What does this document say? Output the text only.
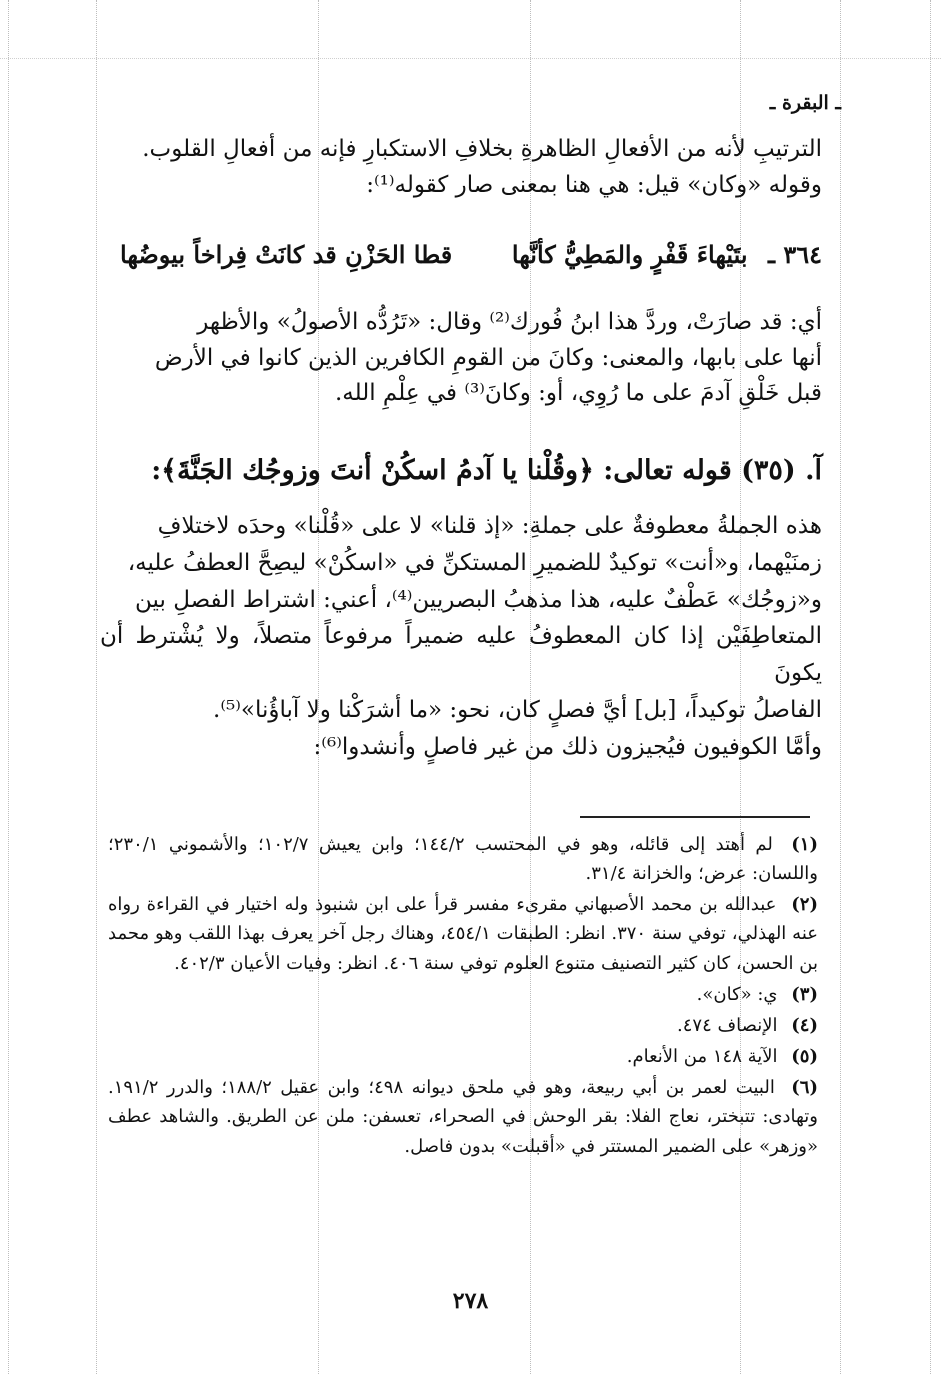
ـ البقرة ـ

الترتيبِ لأنه من الأفعالِ الظاهرةِ بخلافِ الاستكبارِ فإنه من أفعالِ القلوب.

وقوله «وكان» قيل: هي هنا بمعنى صار كقوله⁽¹⁾:

٣٦٤ ـ بتَيْهاءَ قَفْرٍ والمَطِيُّ كأنَّها
قطا الحَزْنِ قد كانَتْ فِراخاً بيوضُها

أي: قد صارَتْ، وردَّ هذا ابنُ فُورك⁽²⁾ وقال: «تَرُدُّه الأصولُ» والأظهر

أنها على بابها، والمعنى: وكانَ من القومِ الكافرين الذين كانوا في الأرض

قبل خَلْقِ آدمَ على ما رُوِي، أو: وكانَ⁽³⁾ في عِلْمِ الله.

آ. (٣٥) قوله تعالى: ﴿وقُلْنا يا آدمُ اسكُنْ أنتَ وزوجُك الجَنَّةَ﴾:

هذه الجملةُ معطوفةٌ على جملةِ: «إذ قلنا» لا على «قُلْنا» وحدَه لاختلافِ

زمنَيْهما، و«أنت» توكيدٌ للضميرِ المستكنِّ في «اسكُنْ» ليصِحَّ العطفُ عليه،

و«زوجُك» عَطْفٌ عليه، هذا مذهبُ البصريين⁽⁴⁾، أعني: اشتراط الفصلِ بين

المتعاطِفَيْن إذا كان المعطوفُ عليه ضميراً مرفوعاً متصلاً، ولا يُشْترط أن يكونَ

الفاصلُ توكيداً، [بل] أيَّ فصلٍ كان، نحو: «ما أشرَكْنا ولا آباؤُنا»⁽⁵⁾.

وأمَّا الكوفيون فيُجيزون ذلك من غير فاصلٍ وأنشدوا⁽⁶⁾:

(١) لم أهتد إلى قائله، وهو في المحتسب ١٤٤/٢؛ وابن يعيش ١٠٢/٧؛ والأشموني ٢٣٠/١؛ واللسان: عرض؛ والخزانة ٣١/٤.

(٢) عبدالله بن محمد الأصبهاني مقرىء مفسر قرأ على ابن شنبوذ وله اختيار في القراءة رواه عنه الهذلي، توفي سنة ٣٧٠. انظر: الطبقات ٤٥٤/١، وهناك رجل آخر يعرف بهذا اللقب وهو محمد بن الحسن، كان كثير التصنيف متنوع العلوم توفي سنة ٤٠٦. انظر: وفيات الأعيان ٤٠٢/٣.

(٣) ي: «كان».

(٤) الإنصاف ٤٧٤.

(٥) الآية ١٤٨ من الأنعام.

(٦) البيت لعمر بن أبي ربيعة، وهو في ملحق ديوانه ٤٩٨؛ وابن عقيل ١٨٨/٢؛ والدرر ١٩١/٢. وتهادى: تتبختر، نعاج الفلا: بقر الوحش في الصحراء، تعسفن: ملن عن الطريق. والشاهد عطف «وزهر» على الضمير المستتر في «أقبلت» بدون فاصل.

٢٧٨
